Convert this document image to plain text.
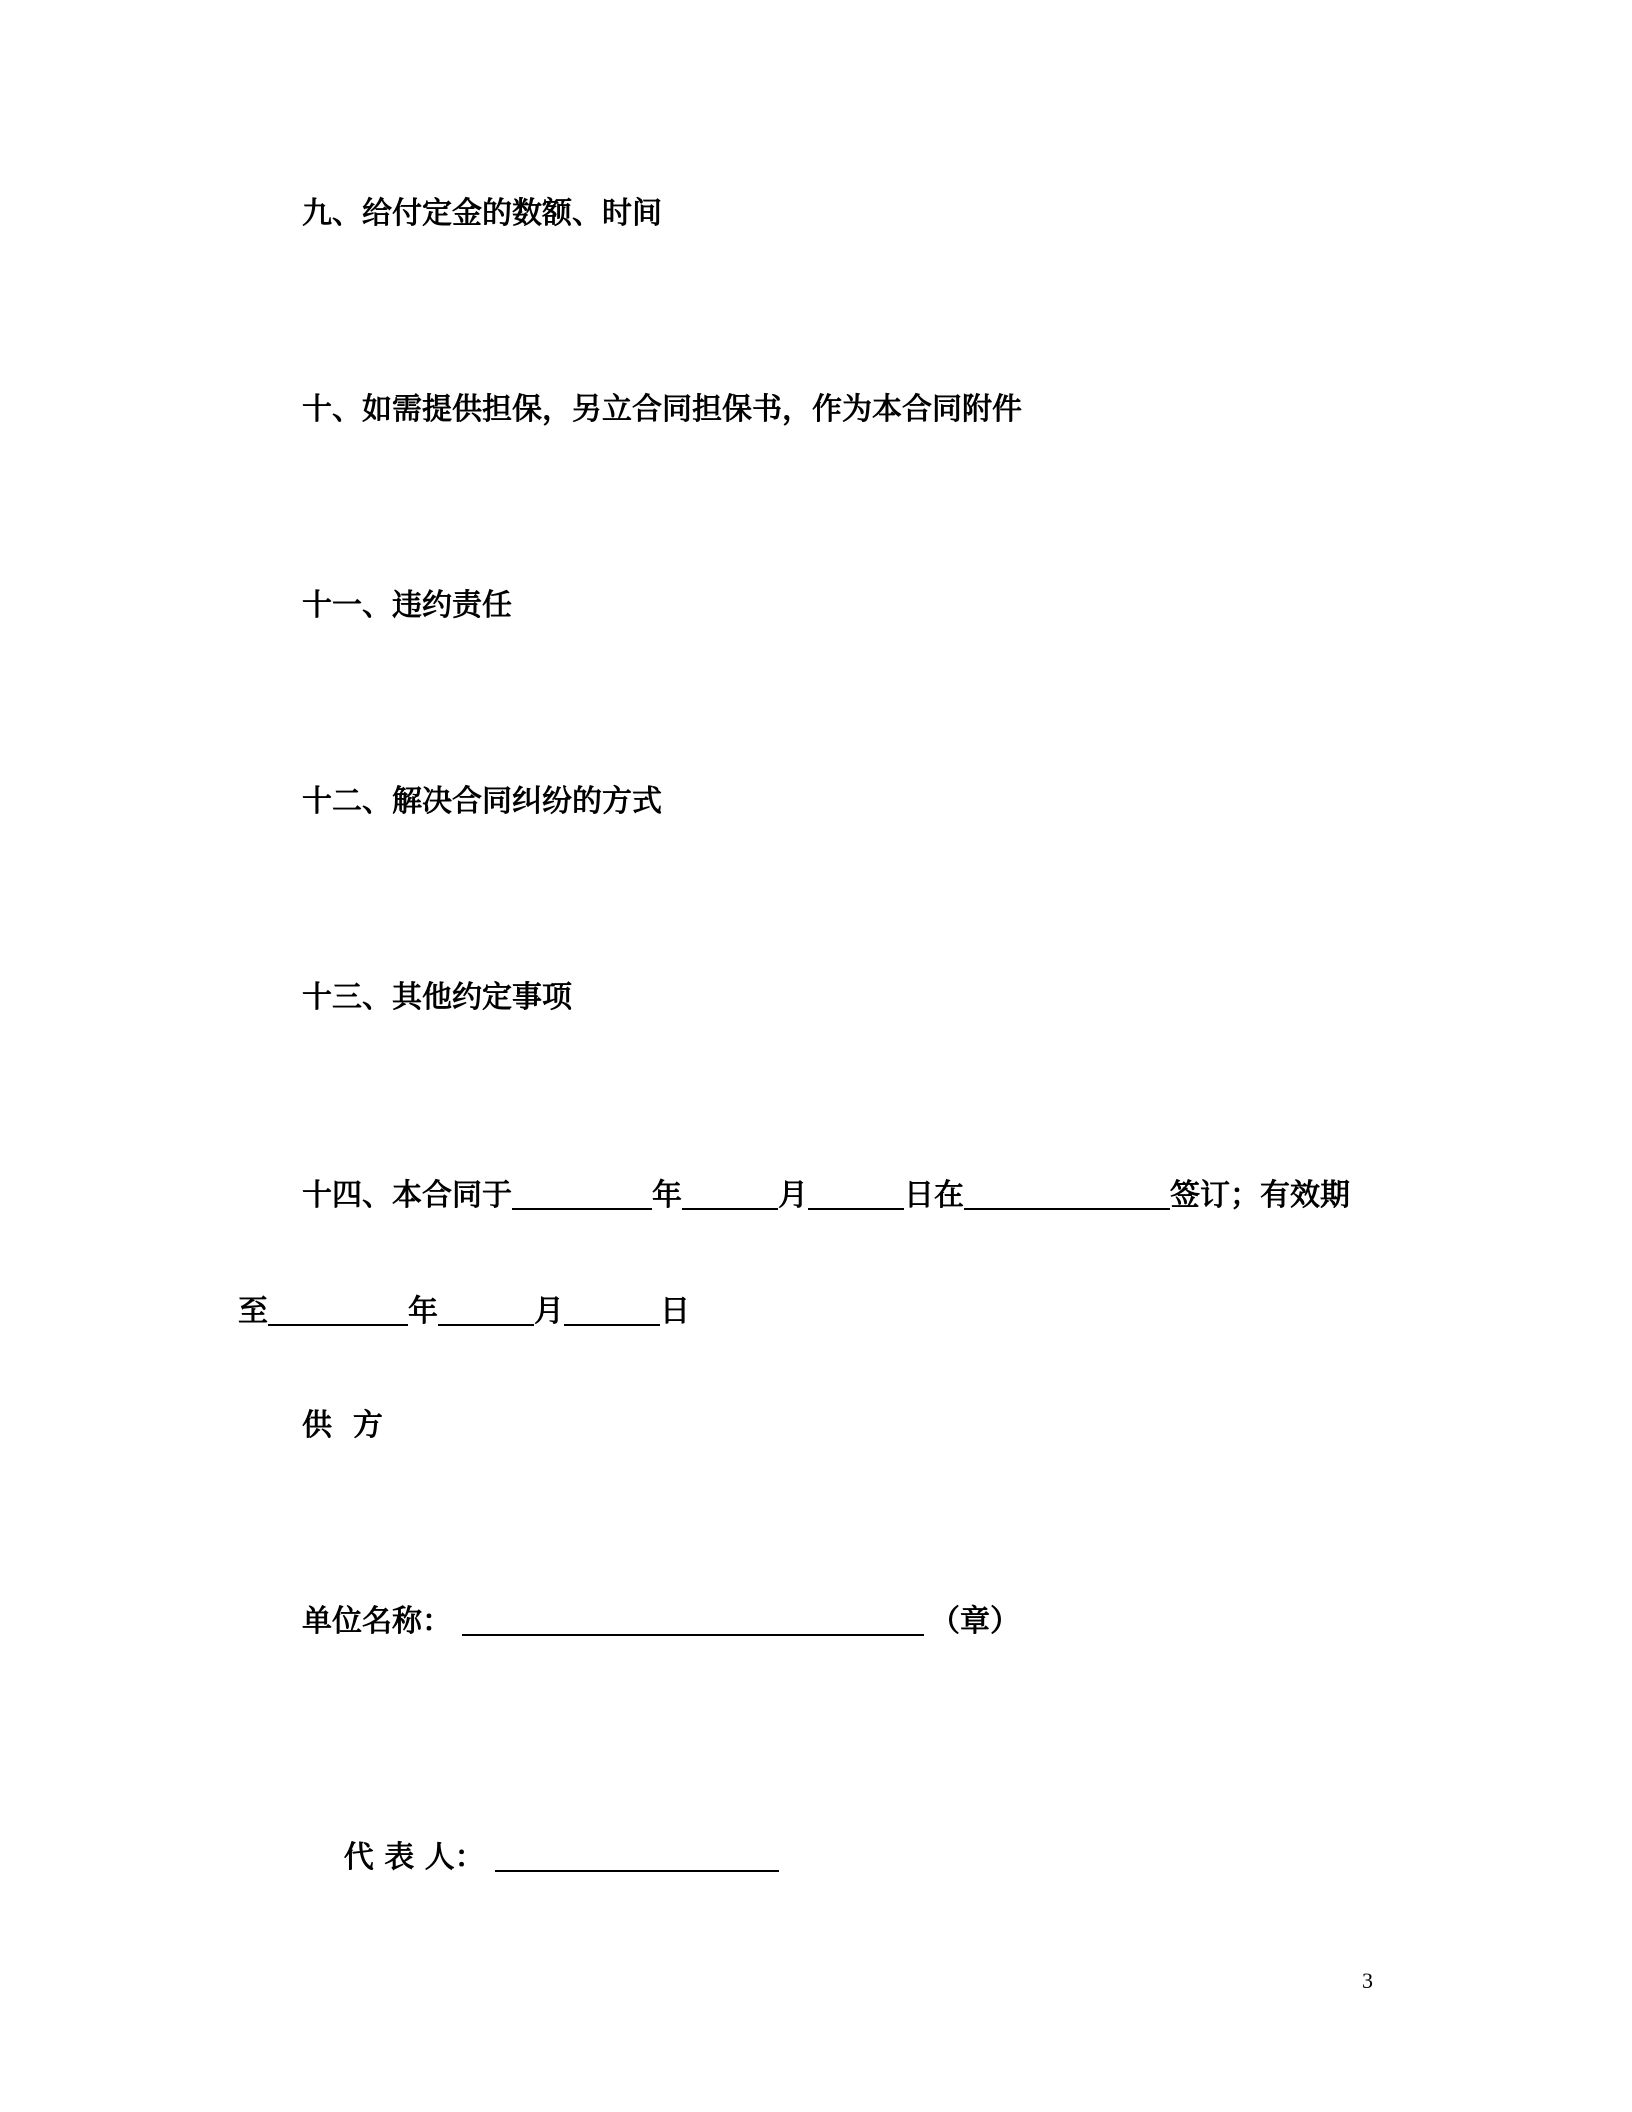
九、给付定金的数额、时间
十、如需提供担保，另立合同担保书，作为本合同附件
十一、违约责任
十二、解决合同纠纷的方式
十三、其他约定事项
十四、本合同于	年	月	日在	签订；有效期
至	年	月	日
供  方
单位名称：	（章）

代 表 人：

3
